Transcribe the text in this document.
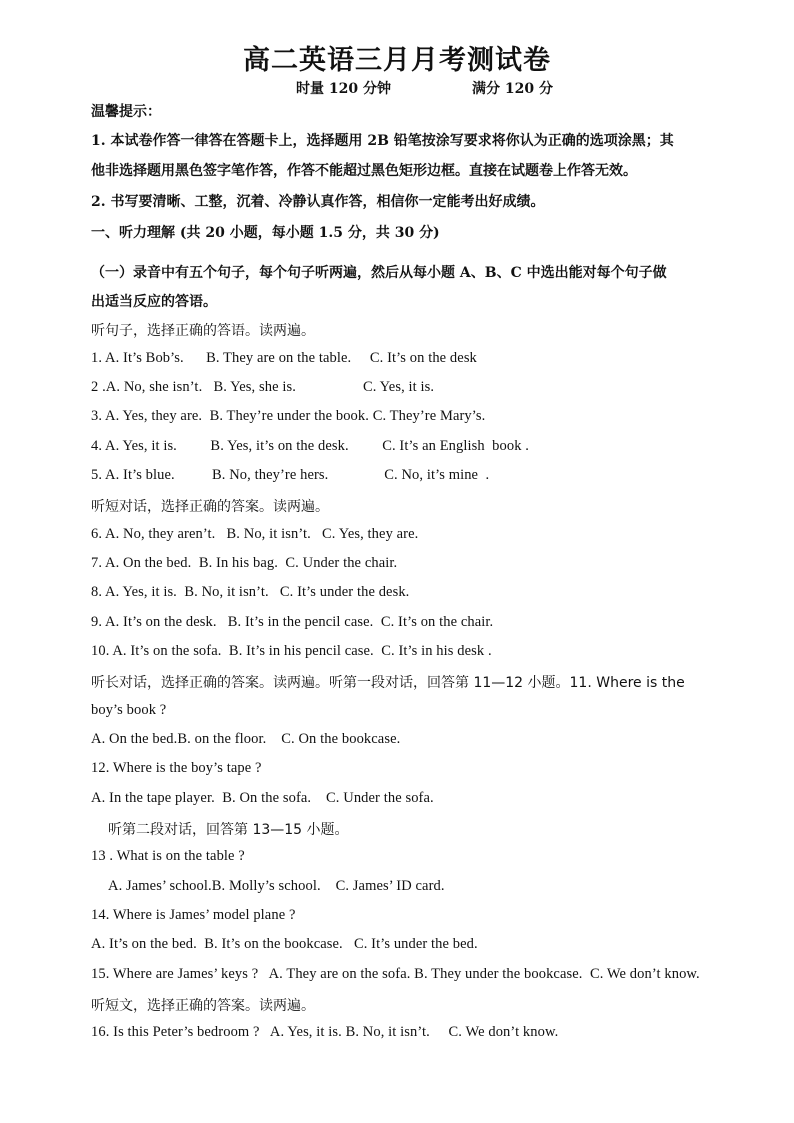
高二英语三月月考测试卷
时量 120 分钟	满分 120 分
温馨提示：
1. 本试卷作答一律答在答题卡上，选择题用 2B 铅笔按涂写要求将你认为正确的选项涂黑；其
他非选择题用黑色签字笔作答，作答不能超过黑色矩形边框。直接在试题卷上作答无效。
2. 书写要清晰、工整，沉着、冷静认真作答，相信你一定能考出好成绩。
一、听力理解 (共 20 小题，每小题 1.5 分，共 30 分)
（一）录音中有五个句子，每个句子听两遍，然后从每小题 A、B、C 中选出能对每个句子做
出适当反应的答语。
听句子，选择正确的答语。读两遍。
1. A. It’s Bob’s.      B. They are on the table.     C. It’s on the desk
2 .A. No, she isn’t.   B. Yes, she is.                  C. Yes, it is.
3. A. Yes, they are.  B. They’re under the book. C. They’re Mary’s.
4. A. Yes, it is.         B. Yes, it’s on the desk.         C. It’s an English  book .
5. A. It’s blue.          B. No, they’re hers.               C. No, it’s mine  .
听短对话，选择正确的答案。读两遍。
6. A. No, they aren’t.   B. No, it isn’t.   C. Yes, they are.
7. A. On the bed.  B. In his bag.  C. Under the chair.
8. A. Yes, it is.  B. No, it isn’t.   C. It’s under the desk.
9. A. It’s on the desk.   B. It’s in the pencil case.  C. It’s on the chair.
10. A. It’s on the sofa.  B. It’s in his pencil case.  C. It’s in his desk .
听长对话，选择正确的答案。读两遍。听第一段对话，回答第 11—12 小题。11. Where is the
boy’s book ?
A. On the bed.B. on the floor.    C. On the bookcase.
12. Where is the boy’s tape ?
A. In the tape player.  B. On the sofa.    C. Under the sofa.
听第二段对话，回答第 13—15 小题。
13 . What is on the table ?
A. James’ school.B. Molly’s school.    C. James’ ID card.
14. Where is James’ model plane ?
A. It’s on the bed.  B. It’s on the bookcase.   C. It’s under the bed.
15. Where are James’ keys ?   A. They are on the sofa. B. They under the bookcase.  C. We don’t know.
听短文，选择正确的答案。读两遍。
16. Is this Peter’s bedroom ?   A. Yes, it is. B. No, it isn’t.     C. We don’t know.
